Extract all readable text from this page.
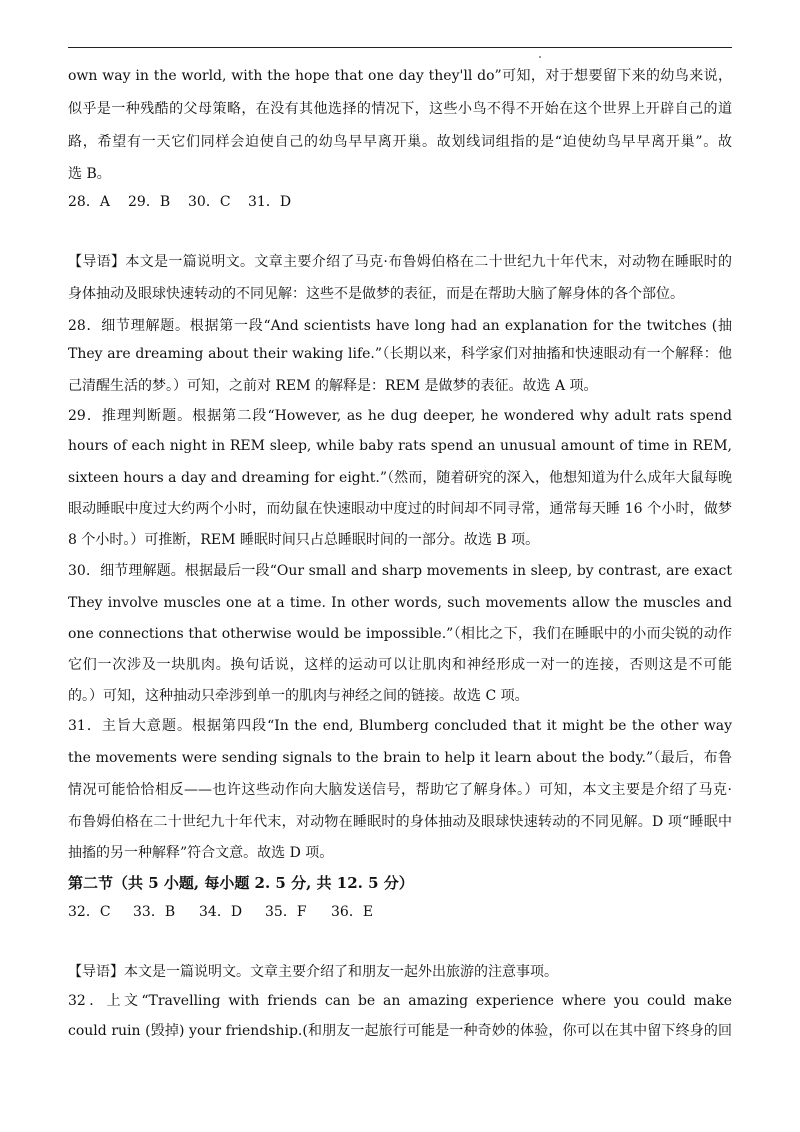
own way in the world, with the hope that one day they'll do”可知，对于想要留下来的幼鸟来说，
似乎是一种残酷的父母策略，在没有其他选择的情况下，这些小鸟不得不开始在这个世界上开辟自己的道
路，希望有一天它们同样会迫使自己的幼鸟早早离开巢。故划线词组指的是“迫使幼鸟早早离开巢”。故
选 B。
28．A 29．B 30．C 31．D
【导语】本文是一篇说明文。文章主要介绍了马克·布鲁姆伯格在二十世纪九十年代末，对动物在睡眠时的
身体抽动及眼球快速转动的不同见解：这些不是做梦的表征，而是在帮助大脑了解身体的各个部位。
28．细节理解题。根据第一段“And scientists have long had an explanation for the twitches (抽
They are dreaming about their waking life.”（长期以来，科学家们对抽搐和快速眼动有一个解释：他
己清醒生活的梦。）可知，之前对 REM 的解释是：REM 是做梦的表征。故选 A 项。
29．推理判断题。根据第二段“However, as he dug deeper, he wondered why adult rats spend
hours of each night in REM sleep, while baby rats spend an unusual amount of time in REM,
sixteen hours a day and dreaming for eight.”（然而，随着研究的深入，他想知道为什么成年大鼠每晚
眼动睡眠中度过大约两个小时，而幼鼠在快速眼动中度过的时间却不同寻常，通常每天睡 16 个小时，做梦
8 个小时。）可推断，REM 睡眠时间只占总睡眠时间的一部分。故选 B 项。
30．细节理解题。根据最后一段“Our small and sharp movements in sleep, by contrast, are exact
They involve muscles one at a time. In other words, such movements allow the muscles and
one connections that otherwise would be impossible.”（相比之下，我们在睡眠中的小而尖锐的动作
它们一次涉及一块肌肉。换句话说，这样的运动可以让肌肉和神经形成一对一的连接，否则这是不可能
的。）可知，这种抽动只牵涉到单一的肌肉与神经之间的链接。故选 C 项。
31．主旨大意题。根据第四段“In the end, Blumberg concluded that it might be the other way
the movements were sending signals to the brain to help it learn about the body.”（最后，布鲁
情况可能恰恰相反——也许这些动作向大脑发送信号，帮助它了解身体。）可知，本文主要是介绍了马克·
布鲁姆伯格在二十世纪九十年代末，对动物在睡眠时的身体抽动及眼球快速转动的不同见解。D 项“睡眠中
抽搐的另一种解释”符合文意。故选 D 项。
第二节（共 5 小题, 每小题 2. 5 分, 共 12. 5 分）
32．C 33．B 34．D 35．F 36．E
【导语】本文是一篇说明文。文章主要介绍了和朋友一起外出旅游的注意事项。
32．上文“Travelling with friends can be an amazing experience where you could make
could ruin (毁掉) your friendship.(和朋友一起旅行可能是一种奇妙的体验，你可以在其中留下终身的回
